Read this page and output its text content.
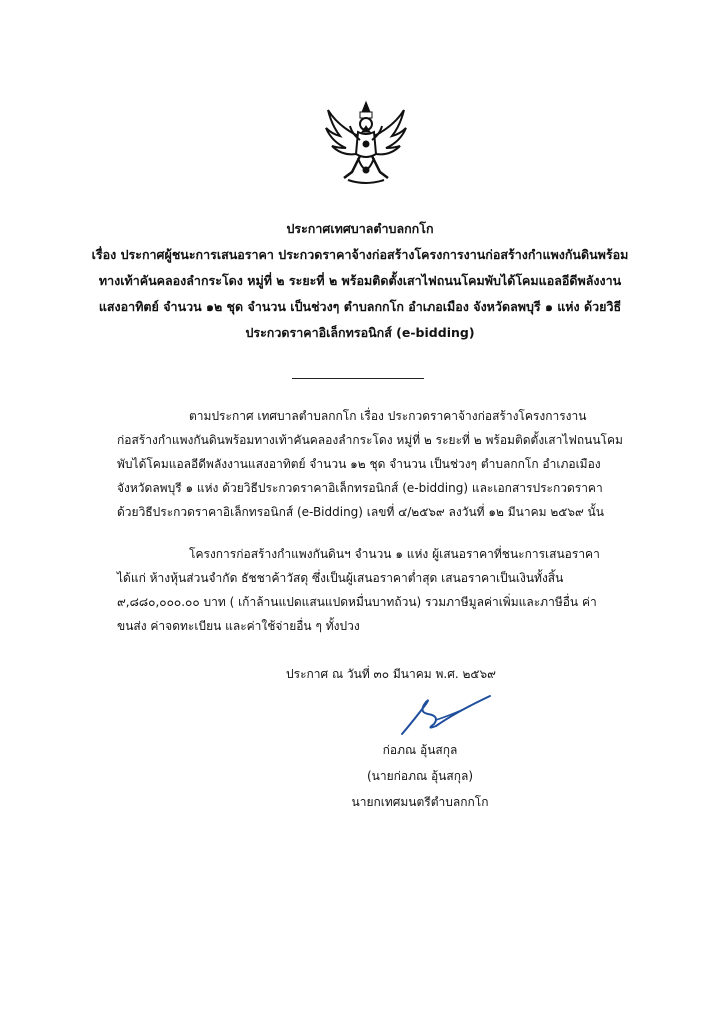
ประกาศเทศบาลตำบลกกโก
เรื่อง ประกาศผู้ชนะการเสนอราคา ประกวดราคาจ้างก่อสร้างโครงการงานก่อสร้างกำแพงกันดินพร้อม
ทางเท้าคันคลองลำกระโดง หมู่ที่ ๒ ระยะที่ ๒ พร้อมติดตั้งเสาไฟถนนโคมพับได้โคมแอลอีดีพลังงาน
แสงอาทิตย์ จำนวน ๑๒ ชุด จำนวน เป็นช่วงๆ ตำบลกกโก อำเภอเมือง จังหวัดลพบุรี ๑ แห่ง ด้วยวิธี
ประกวดราคาอิเล็กทรอนิกส์ (e-bidding)
ตามประกาศ เทศบาลตำบลกกโก เรื่อง ประกวดราคาจ้างก่อสร้างโครงการงานก่อสร้างกำแพงกันดินพร้อมทางเท้าคันคลองลำกระโดง หมู่ที่ ๒ ระยะที่ ๒ พร้อมติดตั้งเสาไฟถนนโคมพับได้โคมแอลอีดีพลังงานแสงอาทิตย์ จำนวน ๑๒ ชุด จำนวน เป็นช่วงๆ ตำบลกกโก อำเภอเมือง จังหวัดลพบุรี ๑ แห่ง ด้วยวิธีประกวดราคาอิเล็กทรอนิกส์ (e-bidding) และเอกสารประกวดราคาด้วยวิธีประกวดราคาอิเล็กทรอนิกส์ (e-Bidding) เลขที่ ๔/๒๕๖๙ ลงวันที่ ๑๒ มีนาคม ๒๕๖๙ นั้น
โครงการก่อสร้างกำแพงกันดินฯ จำนวน ๑ แห่ง ผู้เสนอราคาที่ชนะการเสนอราคา ได้แก่ ห้างหุ้นส่วนจำกัด ธัชชาค้าวัสดุ ซึ่งเป็นผู้เสนอราคาต่ำสุด เสนอราคาเป็นเงินทั้งสิ้น ๙,๘๘๐,๐๐๐.๐๐ บาท ( เก้าล้านแปดแสนแปดหมื่นบาทถ้วน) รวมภาษีมูลค่าเพิ่มและภาษีอื่น ค่าขนส่ง ค่าจดทะเบียน และค่าใช้จ่ายอื่น ๆ ทั้งปวง
ประกาศ ณ วันที่ ๓๐ มีนาคม พ.ศ. ๒๕๖๙
ก่อภณ อุ้นสกุล
(นายก่อภณ อุ้นสกุล)
นายกเทศมนตรีตำบลกกโก
